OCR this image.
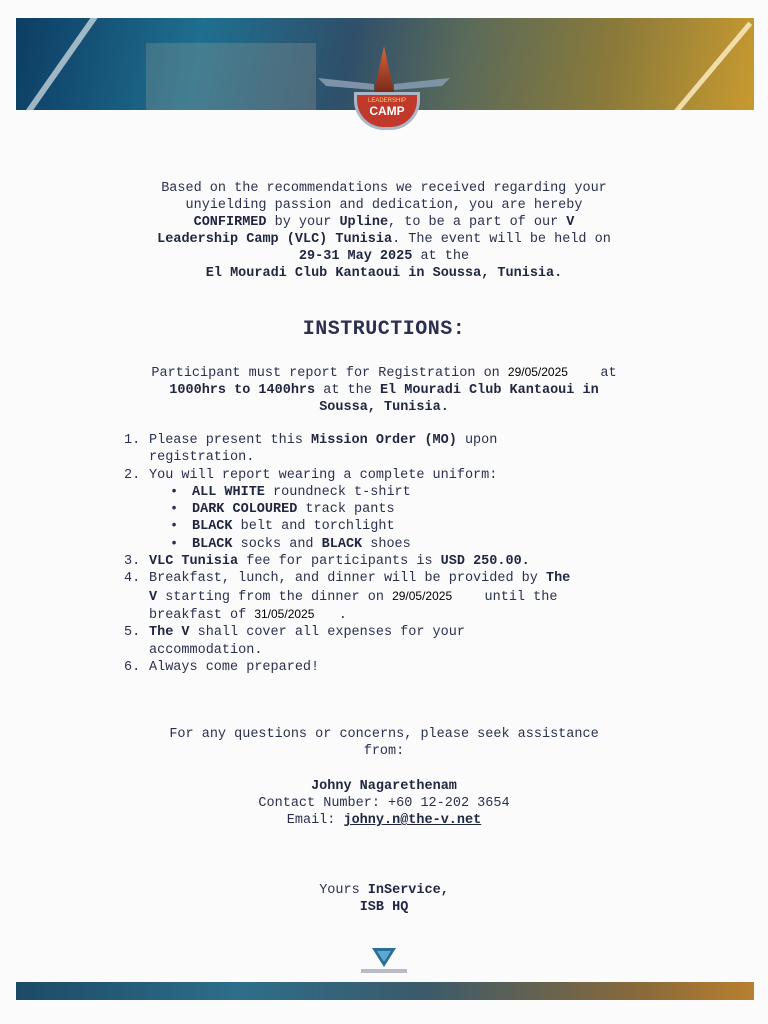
LEADERSHIP
CAMP
Based on the recommendations we received regarding your
unyielding passion and dedication, you are hereby
CONFIRMED by your Upline, to be a part of our V
Leadership Camp (VLC) Tunisia. The event will be held on
29-31 May 2025 at the
El Mouradi Club Kantaoui in Soussa, Tunisia.
INSTRUCTIONS:
Participant must report for Registration on 29/05/2025 at
1000hrs to 1400hrs at the El Mouradi Club Kantaoui in
Soussa, Tunisia.
1. Please present this Mission Order (MO) upon
registration.
2. You will report wearing a complete uniform:
•	ALL WHITE roundneck t-shirt
•	DARK COLOURED track pants
•	BLACK belt and torchlight
•	BLACK socks and BLACK shoes
3. VLC Tunisia fee for participants is USD 250.00.
4. Breakfast, lunch, and dinner will be provided by The
V starting from the dinner on 29/05/2025 until the
breakfast of 31/05/2025 .
5. The V shall cover all expenses for your
accommodation.
6. Always come prepared!
For any questions or concerns, please seek assistance
from:
Johny Nagarethenam
Contact Number: +60 12-202 3654
Email: johny.n@the-v.net
Yours InService,
ISB HQ
